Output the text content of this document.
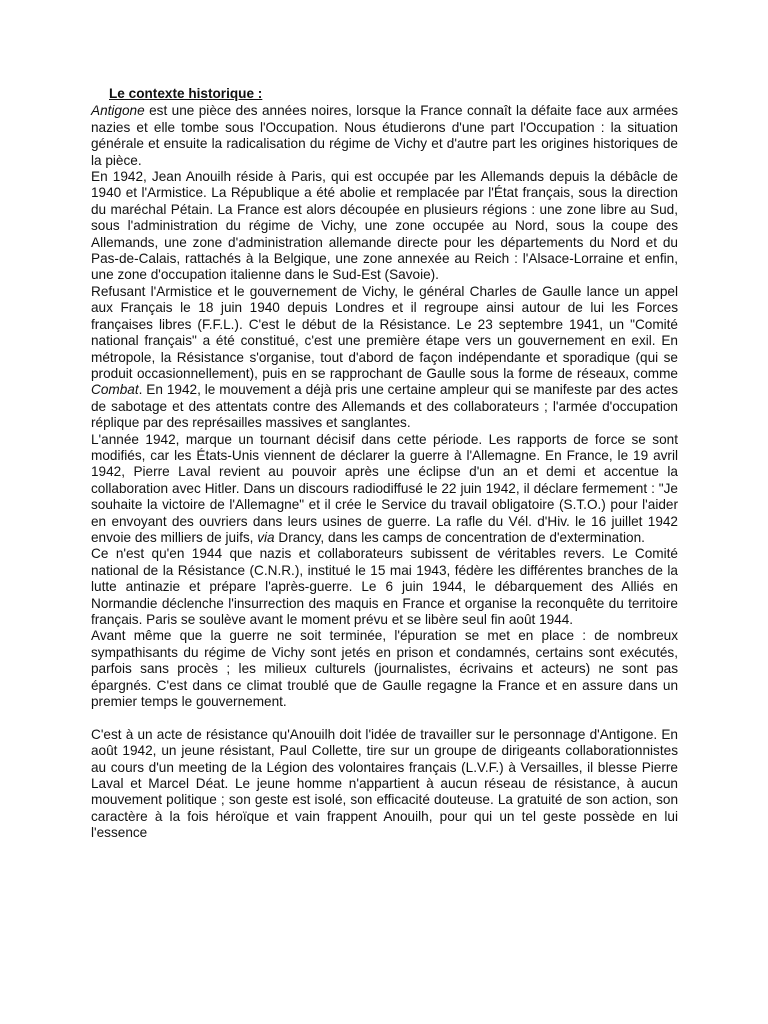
Le contexte historique :

Antigone est une pièce des années noires, lorsque la France connaît la défaite face aux armées nazies et elle tombe sous l'Occupation. Nous étudierons d'une part l'Occupation : la situation générale et ensuite la radicalisation du régime de Vichy et d'autre part les origines historiques de la pièce.

En 1942, Jean Anouilh réside à Paris, qui est occupée par les Allemands depuis la débâcle de 1940 et l'Armistice. La République a été abolie et remplacée par l'État français, sous la direction du maréchal Pétain. La France est alors découpée en plusieurs régions : une zone libre au Sud, sous l'administration du régime de Vichy, une zone occupée au Nord, sous la coupe des Allemands, une zone d'administration allemande directe pour les départements du Nord et du Pas-de-Calais, rattachés à la Belgique, une zone annexée au Reich : l'Alsace-Lorraine et enfin, une zone d'occupation italienne dans le Sud-Est (Savoie).

Refusant l'Armistice et le gouvernement de Vichy, le général Charles de Gaulle lance un appel aux Français le 18 juin 1940 depuis Londres et il regroupe ainsi autour de lui les Forces françaises libres (F.F.L.). C'est le début de la Résistance. Le 23 septembre 1941, un "Comité national français" a été constitué, c'est une première étape vers un gouvernement en exil. En métropole, la Résistance s'organise, tout d'abord de façon indépendante et sporadique (qui se produit occasionnellement), puis en se rapprochant de Gaulle sous la forme de réseaux, comme Combat. En 1942, le mouvement a déjà pris une certaine ampleur qui se manifeste par des actes de sabotage et des attentats contre des Allemands et des collaborateurs ; l'armée d'occupation réplique par des représailles massives et sanglantes.

L'année 1942, marque un tournant décisif dans cette période. Les rapports de force se sont modifiés, car les États-Unis viennent de déclarer la guerre à l'Allemagne. En France, le 19 avril 1942, Pierre Laval revient au pouvoir après une éclipse d'un an et demi et accentue la collaboration avec Hitler. Dans un discours radiodiffusé le 22 juin 1942, il déclare fermement : "Je souhaite la victoire de l'Allemagne" et il crée le Service du travail obligatoire (S.T.O.) pour l'aider en envoyant des ouvriers dans leurs usines de guerre. La rafle du Vél. d'Hiv. le 16 juillet 1942 envoie des milliers de juifs, via Drancy, dans les camps de concentration de d'extermination.

Ce n'est qu'en 1944 que nazis et collaborateurs subissent de véritables revers. Le Comité national de la Résistance (C.N.R.), institué le 15 mai 1943, fédère les différentes branches de la lutte antinazie et prépare l'après-guerre. Le 6 juin 1944, le débarquement des Alliés en Normandie déclenche l'insurrection des maquis en France et organise la reconquête du territoire français. Paris se soulève avant le moment prévu et se libère seul fin août 1944.

Avant même que la guerre ne soit terminée, l'épuration se met en place : de nombreux sympathisants du régime de Vichy sont jetés en prison et condamnés, certains sont exécutés, parfois sans procès ; les milieux culturels (journalistes, écrivains et acteurs) ne sont pas épargnés. C'est dans ce climat troublé que de Gaulle regagne la France et en assure dans un premier temps le gouvernement.

C'est à un acte de résistance qu'Anouilh doit l'idée de travailler sur le personnage d'Antigone. En août 1942, un jeune résistant, Paul Collette, tire sur un groupe de dirigeants collaborationnistes au cours d'un meeting de la Légion des volontaires français (L.V.F.) à Versailles, il blesse Pierre Laval et Marcel Déat. Le jeune homme n'appartient à aucun réseau de résistance, à aucun mouvement politique ; son geste est isolé, son efficacité douteuse. La gratuité de son action, son caractère à la fois héroïque et vain frappent Anouilh, pour qui un tel geste possède en lui l'essence
